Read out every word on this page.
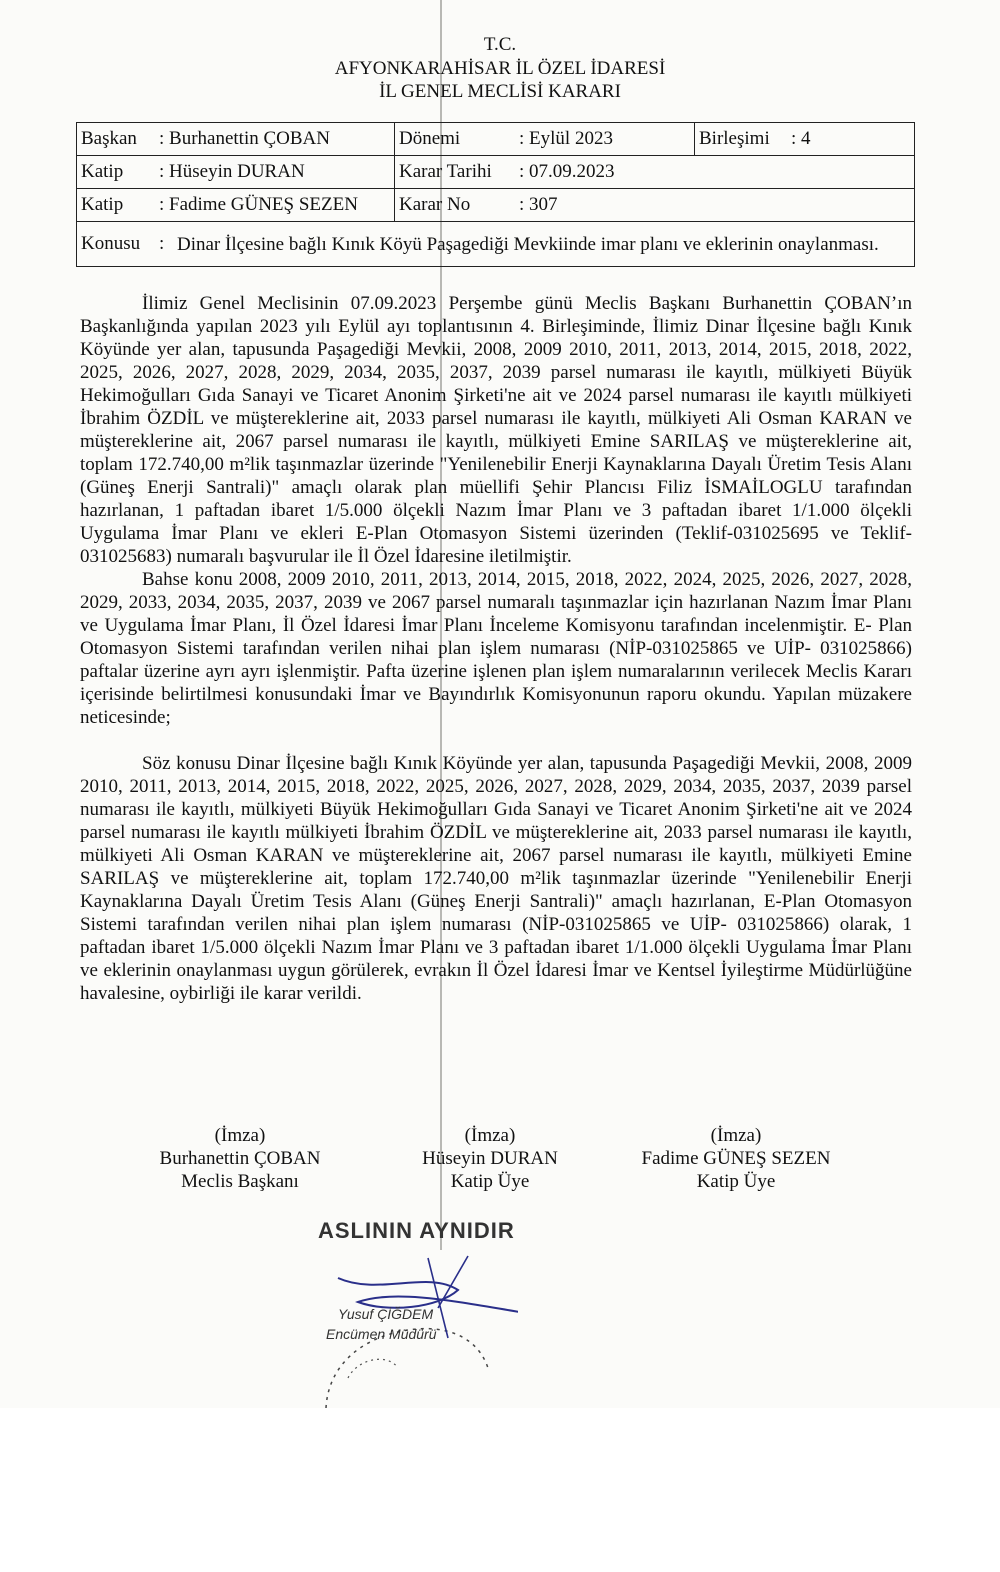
T.C.
AFYONKARAHİSAR İL ÖZEL İDARESİ
İL GENEL MECLİSİ KARARI
Başkan : Burhanettin ÇOBAN	Dönemi : Eylül 2023	Birleşimi : 4
Katip : Hüseyin DURAN	Karar Tarihi : 07.09.2023	
Katip : Fadime GÜNEŞ SEZEN	Karar No : 307	
Konusu : Dinar İlçesine bağlı Kınık Köyü Paşagediği Mevkiinde imar planı ve eklerinin onaylanması.		

İlimiz Genel Meclisinin 07.09.2023 Perşembe günü Meclis Başkanı Burhanettin ÇOBAN’ın Başkanlığında yapılan 2023 yılı Eylül ayı toplantısının 4. Birleşiminde, İlimiz Dinar İlçesine bağlı Kınık Köyünde yer alan, tapusunda Paşagediği Mevkii, 2008, 2009 2010, 2011, 2013, 2014, 2015, 2018, 2022, 2025, 2026, 2027, 2028, 2029, 2034, 2035, 2037, 2039 parsel numarası ile kayıtlı, mülkiyeti Büyük Hekimoğulları Gıda Sanayi ve Ticaret Anonim Şirketi'ne ait ve 2024 parsel numarası ile kayıtlı mülkiyeti İbrahim ÖZDİL ve müştereklerine ait, 2033 parsel numarası ile kayıtlı, mülkiyeti Ali Osman KARAN ve müştereklerine ait, 2067 parsel numarası ile kayıtlı, mülkiyeti Emine SARILAŞ ve müştereklerine ait, toplam 172.740,00 m²lik taşınmazlar üzerinde "Yenilenebilir Enerji Kaynaklarına Dayalı Üretim Tesis Alanı (Güneş Enerji Santrali)" amaçlı olarak plan müellifi Şehir Plancısı Filiz İSMAİLOGLU tarafından hazırlanan, 1 paftadan ibaret 1/5.000 ölçekli Nazım İmar Planı ve 3 paftadan ibaret 1/1.000 ölçekli Uygulama İmar Planı ve ekleri E-Plan Otomasyon Sistemi üzerinden (Teklif-031025695 ve Teklif-031025683) numaralı başvurular ile İl Özel İdaresine iletilmiştir.

Bahse konu 2008, 2009 2010, 2011, 2013, 2014, 2015, 2018, 2022, 2024, 2025, 2026, 2027, 2028, 2029, 2033, 2034, 2035, 2037, 2039 ve 2067 parsel numaralı taşınmazlar için hazırlanan Nazım İmar Planı ve Uygulama İmar Planı, İl Özel İdaresi İmar Planı İnceleme Komisyonu tarafından incelenmiştir. E- Plan Otomasyon Sistemi tarafından verilen nihai plan işlem numarası (NİP-031025865 ve UİP- 031025866) paftalar üzerine ayrı ayrı işlenmiştir. Pafta üzerine işlenen plan işlem numaralarının verilecek Meclis Kararı içerisinde belirtilmesi konusundaki İmar ve Bayındırlık Komisyonunun raporu okundu. Yapılan müzakere neticesinde;

Söz konusu Dinar İlçesine bağlı Kınık Köyünde yer alan, tapusunda Paşagediği Mevkii, 2008, 2009 2010, 2011, 2013, 2014, 2015, 2018, 2022, 2025, 2026, 2027, 2028, 2029, 2034, 2035, 2037, 2039 parsel numarası ile kayıtlı, mülkiyeti Büyük Hekimoğulları Gıda Sanayi ve Ticaret Anonim Şirketi'ne ait ve 2024 parsel numarası ile kayıtlı mülkiyeti İbrahim ÖZDİL ve müştereklerine ait, 2033 parsel numarası ile kayıtlı, mülkiyeti Ali Osman KARAN ve müştereklerine ait, 2067 parsel numarası ile kayıtlı, mülkiyeti Emine SARILAŞ ve müştereklerine ait, toplam 172.740,00 m²lik taşınmazlar üzerinde "Yenilenebilir Enerji Kaynaklarına Dayalı Üretim Tesis Alanı (Güneş Enerji Santrali)" amaçlı hazırlanan, E-Plan Otomasyon Sistemi tarafından verilen nihai plan işlem numarası (NİP-031025865 ve UİP- 031025866) olarak, 1 paftadan ibaret 1/5.000 ölçekli Nazım İmar Planı ve 3 paftadan ibaret 1/1.000 ölçekli Uygulama İmar Planı ve eklerinin onaylanması uygun görülerek, evrakın İl Özel İdaresi İmar ve Kentsel İyileştirme Müdürlüğüne havalesine, oybirliği ile karar verildi.

(İmza)
Burhanettin ÇOBAN
Meclis Başkanı
(İmza)
Hüseyin DURAN
Katip Üye
(İmza)
Fadime GÜNEŞ SEZEN
Katip Üye
ASLININ AYNIDIR
Yusuf ÇİĞDEM
Encümen Müdürü
